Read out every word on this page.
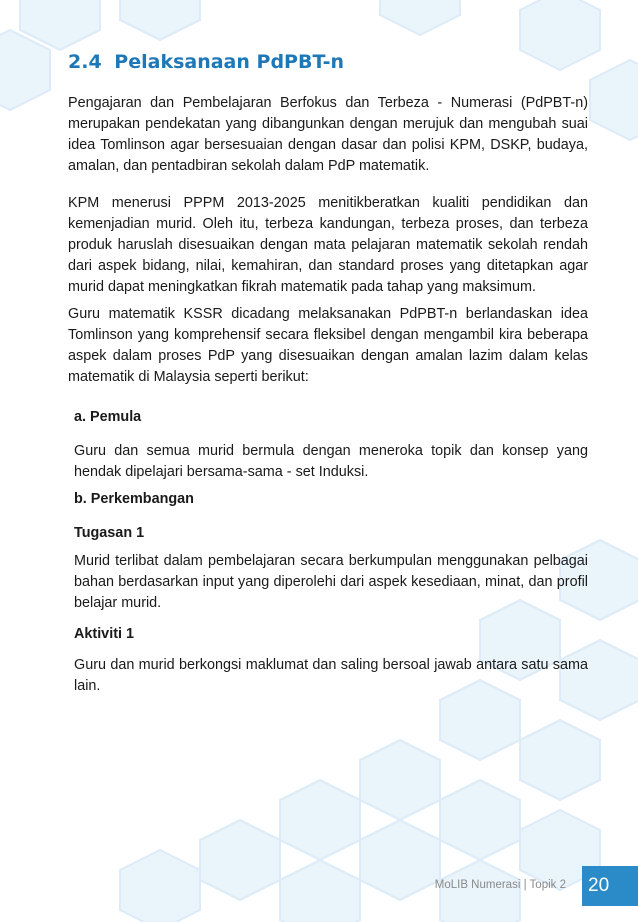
2.4 Pelaksanaan PdPBT-n

Pengajaran dan Pembelajaran Berfokus dan Terbeza - Numerasi (PdPBT-n) merupakan pendekatan yang dibangunkan dengan merujuk dan mengubah suai idea Tomlinson agar bersesuaian dengan dasar dan polisi KPM, DSKP, budaya, amalan, dan pentadbiran sekolah dalam PdP matematik.

KPM menerusi PPPM 2013-2025 menitikberatkan kualiti pendidikan dan kemenjadian murid. Oleh itu, terbeza kandungan, terbeza proses, dan terbeza produk haruslah disesuaikan dengan mata pelajaran matematik sekolah rendah dari aspek bidang, nilai, kemahiran, dan standard proses yang ditetapkan agar murid dapat meningkatkan fikrah matematik pada tahap yang maksimum.

Guru matematik KSSR dicadang melaksanakan PdPBT-n berlandaskan idea Tomlinson yang komprehensif secara fleksibel dengan mengambil kira beberapa aspek dalam proses PdP yang disesuaikan dengan amalan lazim dalam kelas matematik di Malaysia seperti berikut:

a. Pemula

Guru dan semua murid bermula dengan meneroka topik dan konsep yang hendak dipelajari bersama-sama - set Induksi.

b. Perkembangan
Tugasan 1

Murid terlibat dalam pembelajaran secara berkumpulan menggunakan pelbagai bahan berdasarkan input yang diperolehi dari aspek kesediaan, minat, dan profil belajar murid.

Aktiviti 1

Guru dan murid berkongsi maklumat dan saling bersoal jawab antara satu sama lain.

MoLIB Numerasi | Topik 2 20
